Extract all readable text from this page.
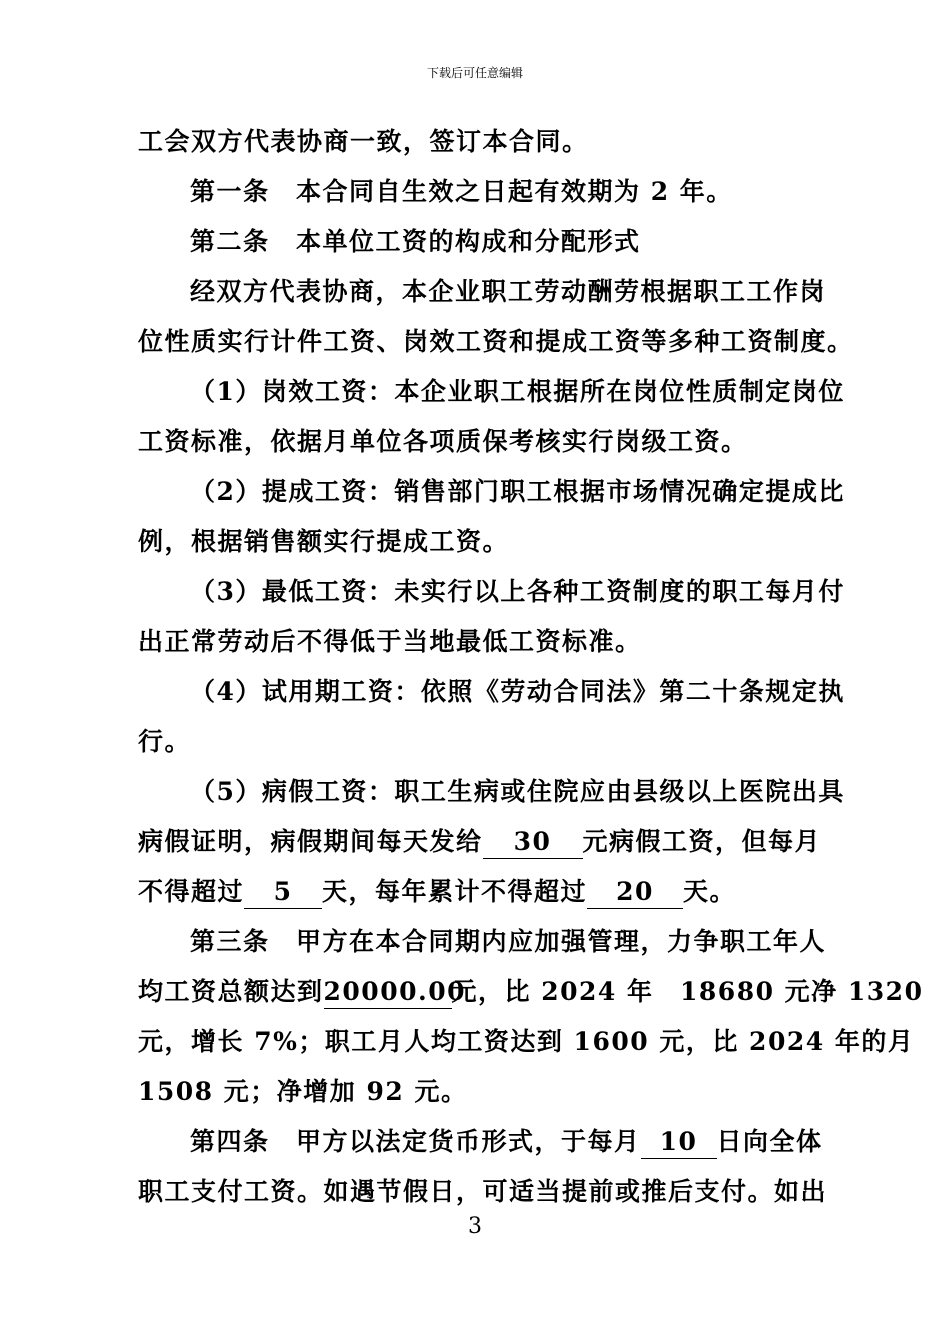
下载后可任意编辑
工会双方代表协商一致，签订本合同。
第一条　本合同自生效之日起有效期为 2 年。
第二条　本单位工资的构成和分配形式
经双方代表协商，本企业职工劳动酬劳根据职工工作岗
位性质实行计件工资、岗效工资和提成工资等多种工资制度。
（1）岗效工资：本企业职工根据所在岗位性质制定岗位
工资标准，依据月单位各项质保考核实行岗级工资。
（2）提成工资：销售部门职工根据市场情况确定提成比
例，根据销售额实行提成工资。
（3）最低工资：未实行以上各种工资制度的职工每月付
出正常劳动后不得低于当地最低工资标准。
（4）试用期工资：依照《劳动合同法》第二十条规定执
行。
（5）病假工资：职工生病或住院应由县级以上医院出具
病假证明，病假期间每天发给 30 元病假工资，但每月
不得超过 5 天，每年累计不得超过 20 天。
第三条　甲方在本合同期内应加强管理，力争职工年人
均工资总额达到20000.00元，比 2024 年　18680 元净 1320
元，增长 7%；职工月人均工资达到 1600 元，比 2024 年的月
1508 元；净增加 92 元。
第四条　甲方以法定货币形式，于每月 10 日向全体
职工支付工资。如遇节假日，可适当提前或推后支付。如出
3
